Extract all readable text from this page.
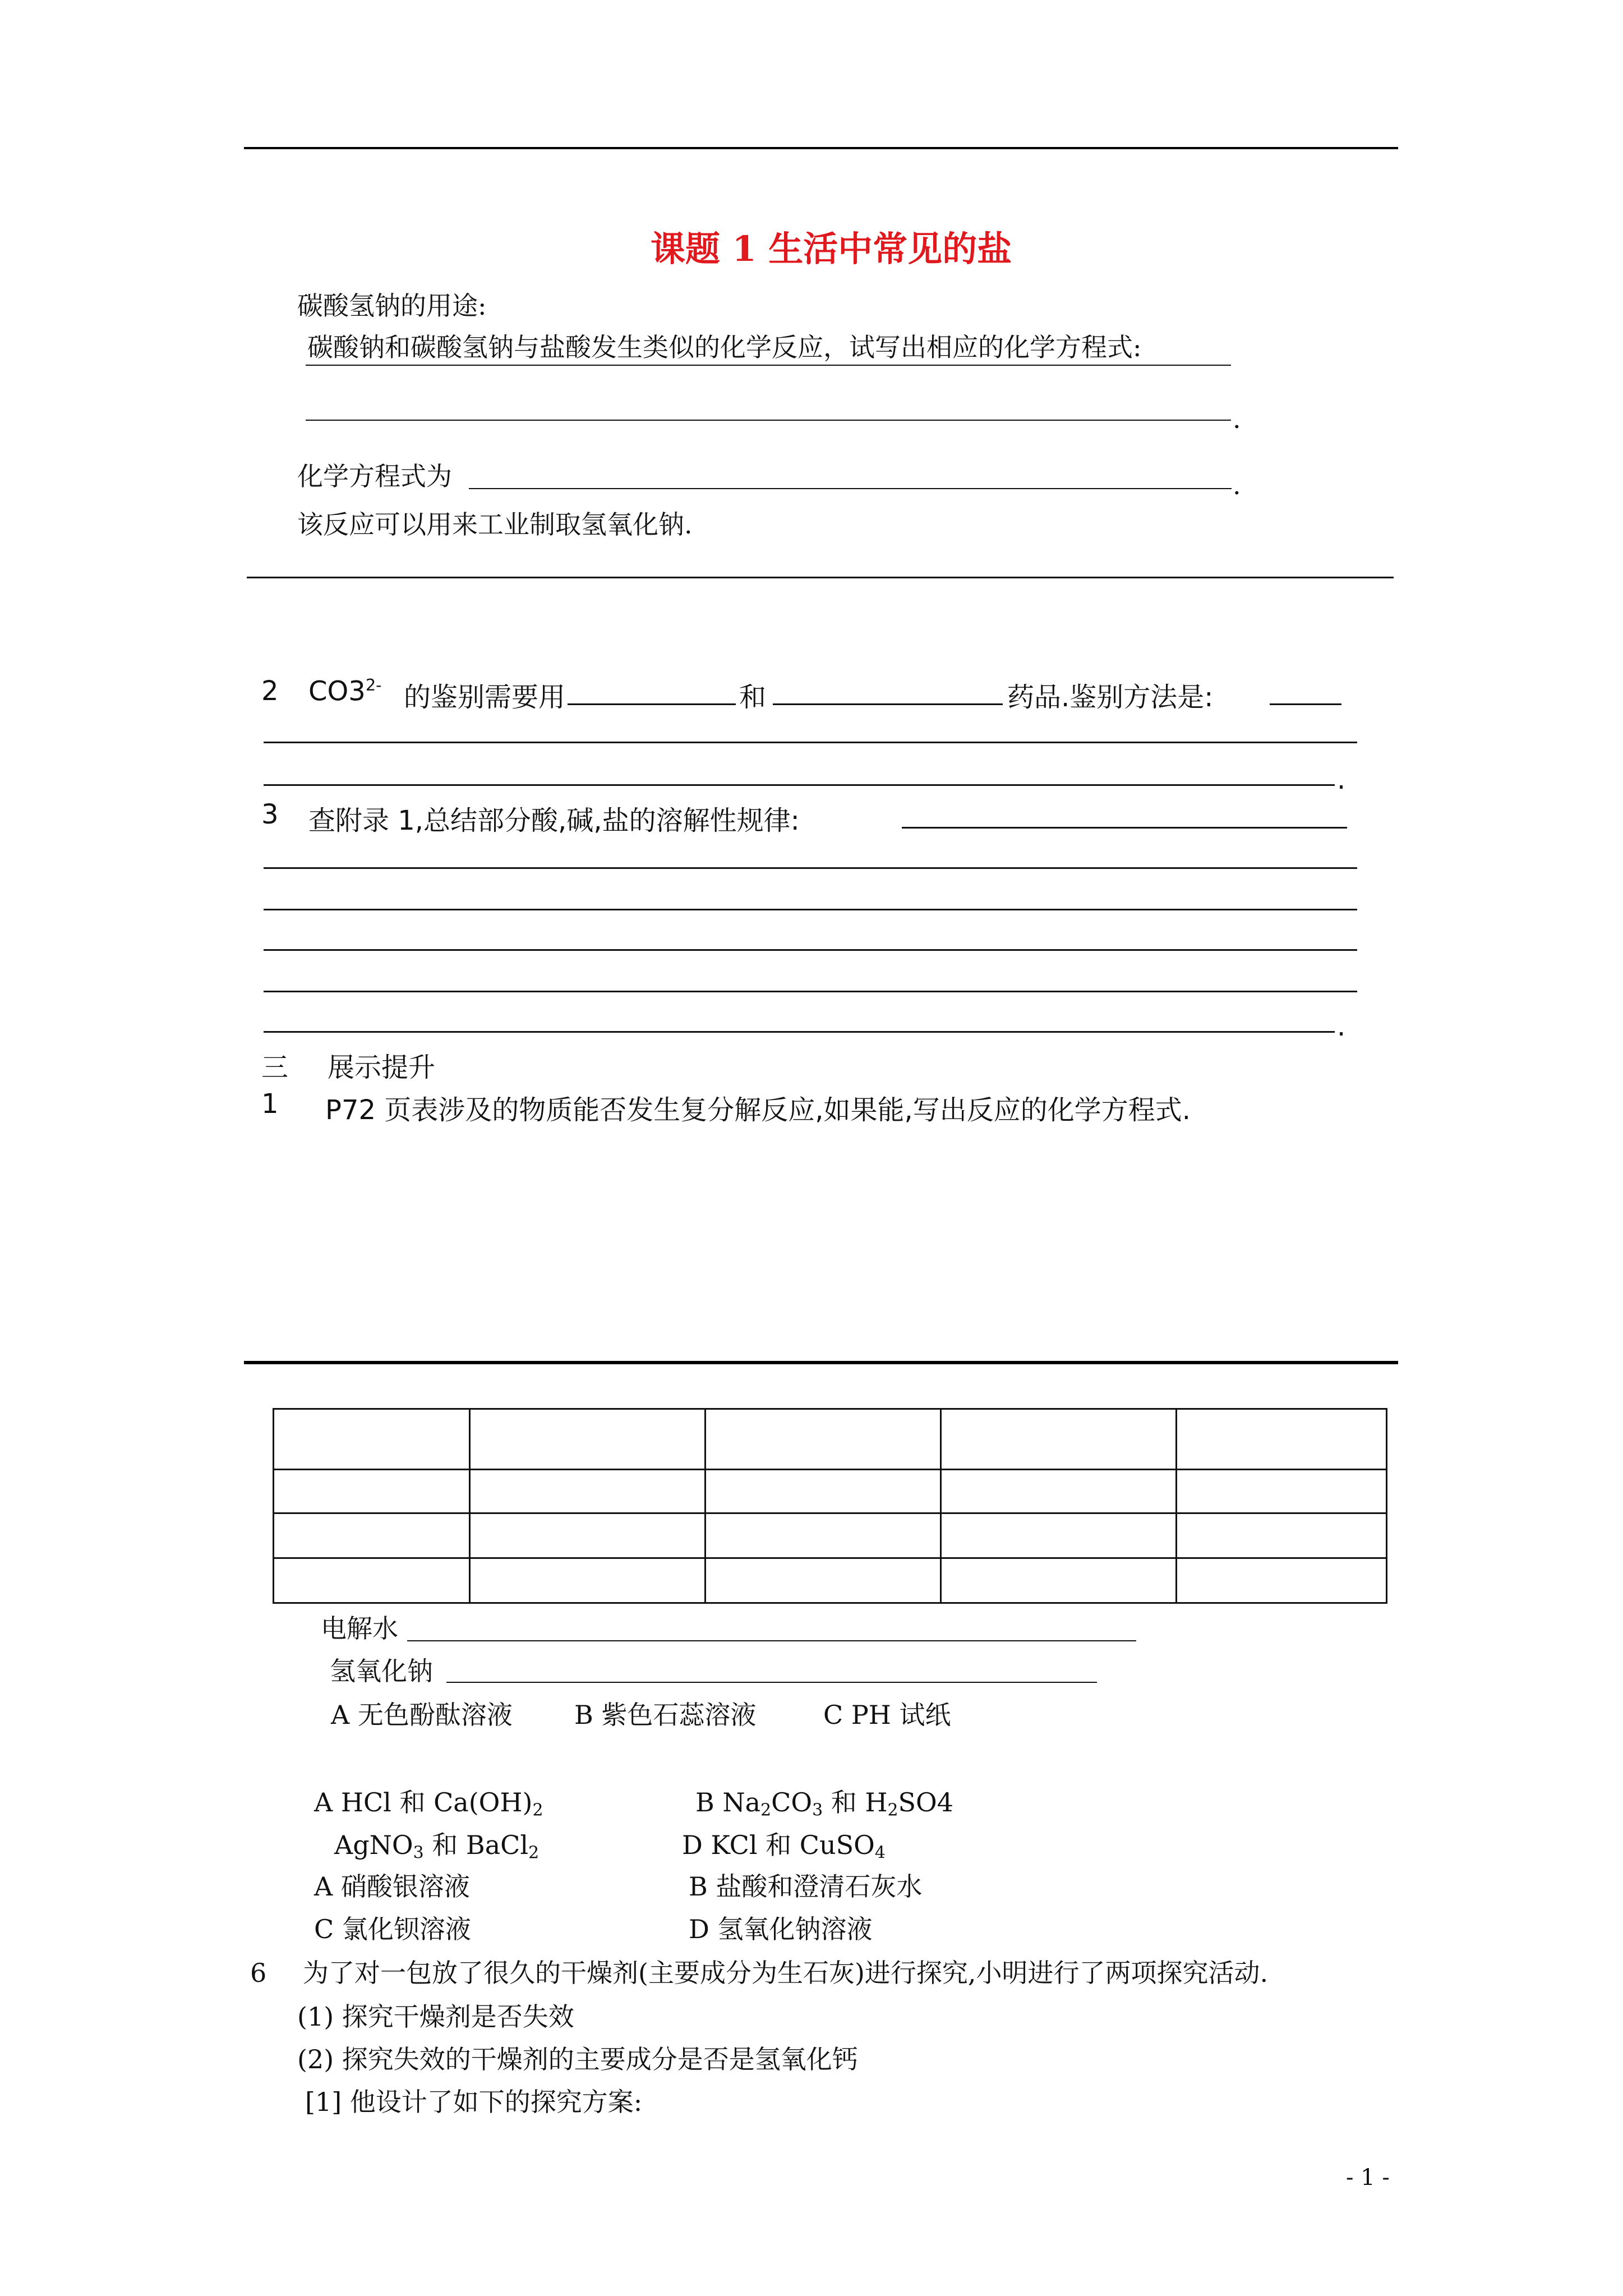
课题 1 生活中常见的盐
碳酸氢钠的用途:
碳酸钠和碳酸氢钠与盐酸发生类似的化学反应，试写出相应的化学方程式:
.
化学方程式为	.
该反应可以用来工业制取氢氧化钠.
2 $CO3^{2-}$ 的鉴别需要用	和	药品.鉴别方法是:
.
3 查附录 1,总结部分酸,碱,盐的溶解性规律:
.
三 展示提升
1 P72 页表涉及的物质能否发生复分解反应,如果能,写出反应的化学方程式.

电解水
氢氧化钠
A 无色酚酞溶液 B 紫色石蕊溶液	C PH 试纸
A HCl 和 $Ca(OH)_2$	B $Na_2CO_3$ 和 $H_2SO4$
AgNO$_3$ 和 BaCl$_2$	D KCl 和 CuSO$_4$
A 硝酸银溶液	B 盐酸和澄清石灰水
C 氯化钡溶液	D 氢氧化钠溶液
6 为了对一包放了很久的干燥剂(主要成分为生石灰)进行探究,小明进行了两项探究活动.
(1) 探究干燥剂是否失效
(2) 探究失效的干燥剂的主要成分是否是氢氧化钙
[1] 他设计了如下的探究方案:
- 1 -
